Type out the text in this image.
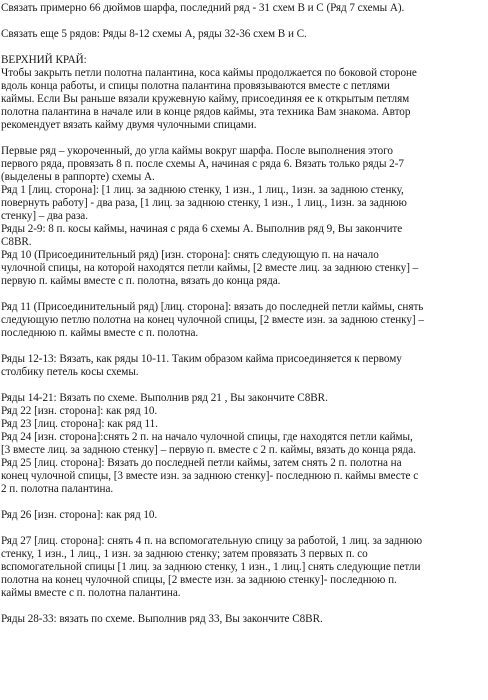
Связать примерно 66 дюймов шарфа, последний ряд - 31 схем В и С (Ряд 7 схемы А).
Связать еще 5 рядов: Ряды 8-12 схемы А, ряды 32-36 схем В и С.
ВЕРХНИЙ КРАЙ:
Чтобы закрыть петли полотна палантина, коса каймы продолжается по боковой стороне
вдоль конца работы, и спицы полотна палантина провязываются вместе с петлями
каймы. Если Вы раньше вязали кружевную кайму, присоединяя ее к открытым петлям
полотна палантина в начале или в конце рядов каймы, эта техника Вам знакома. Автор
рекомендует вязать кайму двумя чулочными спицами.
Первые ряд – укороченный, до угла каймы вокруг шарфа. После выполнения этого
первого ряда, провязать 8 п. после схемы А, начиная с ряда 6. Вязать только ряды 2-7
(выделены в раппорте) схемы А.
Ряд 1 [лиц. сторона]: [1 лиц. за заднюю стенку, 1 изн., 1 лиц., 1изн. за заднюю стенку,
повернуть работу] - два раза, [1 лиц. за заднюю стенку, 1 изн., 1 лиц., 1изн. за заднюю
стенку] – два раза.
Ряды 2-9: 8 п. косы каймы, начиная с ряда 6 схемы А. Выполнив ряд 9, Вы закончите
C8BR.
Ряд 10 (Присоединительный ряд) [изн. сторона]: снять следующую п. на начало
чулочной спицы, на которой находятся петли каймы, [2 вместе лиц. за заднюю стенку] –
первую п. каймы вместе с п. полотна, вязать до конца ряда.
Ряд 11 (Присоединительный ряд) [лиц. сторона]: вязать до последней петли каймы, снять
следующую петлю полотна на конец чулочной спицы, [2 вместе изн. за заднюю стенку] –
последнюю п. каймы вместе с п. полотна.
Ряды 12-13: Вязать, как ряды 10-11. Таким образом кайма присоединяется к первому
столбику петель косы схемы.
Ряды 14-21: Вязать по схеме. Выполнив ряд 21 , Вы закончите C8BR.
Ряд 22 [изн. сторона]: как ряд 10.
Ряд 23 [лиц. сторона]: как ряд 11.
Ряд 24 [изн. сторона]:снять 2 п. на начало чулочной спицы, где находятся петли каймы,
[3 вместе лиц. за заднюю стенку] – первую п. вместе с 2 п. каймы, вязать до конца ряда.
Ряд 25 [лиц. сторона]: Вязать до последней петли каймы, затем снять 2 п. полотна на
конец чулочной спицы, [3 вместе изн. за заднюю стенку]- последнюю п. каймы вместе с
2 п. полотна палантина.
Ряд 26 [изн. сторона]: как ряд 10.
Ряд 27 [лиц. сторона]: снять 4 п. на вспомогательную спицу за работой, 1 лиц. за заднюю
стенку, 1 изн., 1 лиц., 1 изн. за заднюю стенку; затем провязать 3 первых п. со
вспомогательной спицы [1 лиц. за заднюю стенку, 1 изн., 1 лиц.] снять следующие петли
полотна на конец чулочной спицы, [2 вместе изн. за заднюю стенку]- последнюю п.
каймы вместе с п. полотна палантина.
Ряды 28-33: вязать по схеме. Выполнив ряд 33, Вы закончите C8BR.
